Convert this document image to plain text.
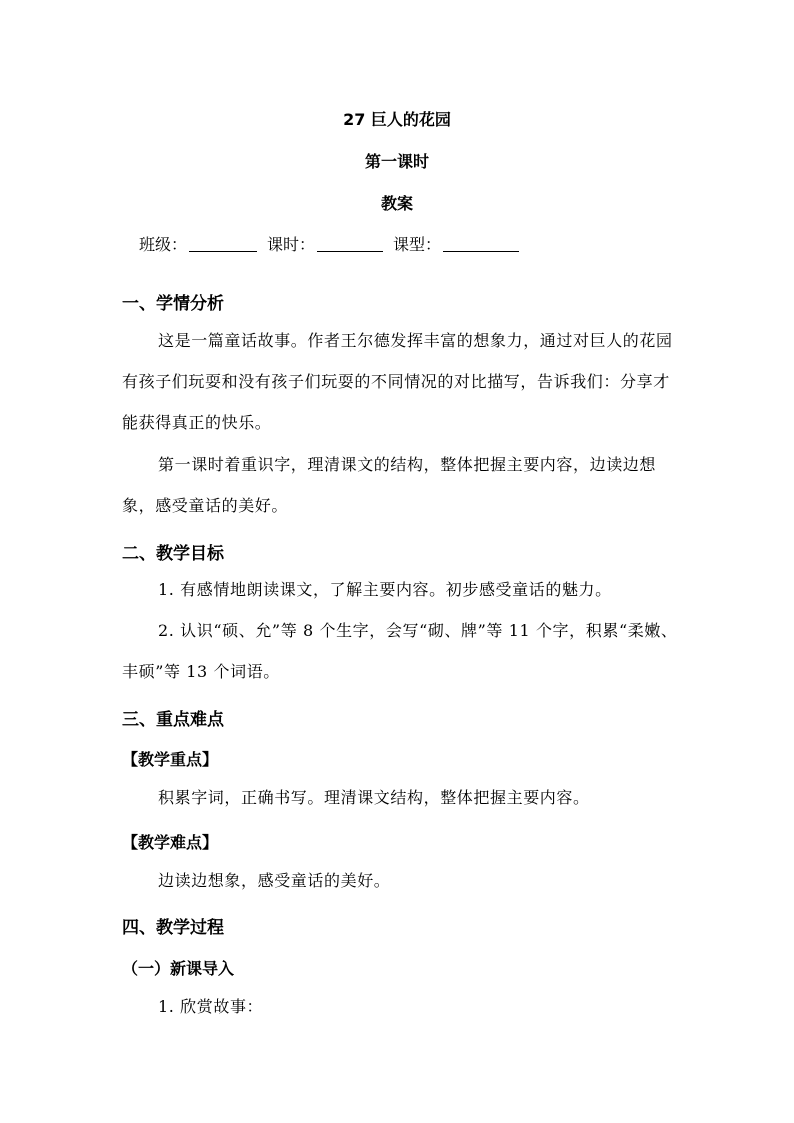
27 巨人的花园
第一课时
教案
班级：	课时：	课型：
一、学情分析
这是一篇童话故事。作者王尔德发挥丰富的想象力，通过对巨人的花园有孩子们玩耍和没有孩子们玩耍的不同情况的对比描写，告诉我们：分享才能获得真正的快乐。
第一课时着重识字，理清课文的结构，整体把握主要内容，边读边想象，感受童话的美好。
二、教学目标
1. 有感情地朗读课文，了解主要内容。初步感受童话的魅力。
2. 认识“硕、允”等 8 个生字，会写“砌、牌”等 11 个字，积累“柔嫩、丰硕”等 13 个词语。
三、重点难点
【教学重点】
积累字词，正确书写。理清课文结构，整体把握主要内容。
【教学难点】
边读边想象，感受童话的美好。
四、教学过程
（一）新课导入
1. 欣赏故事：
